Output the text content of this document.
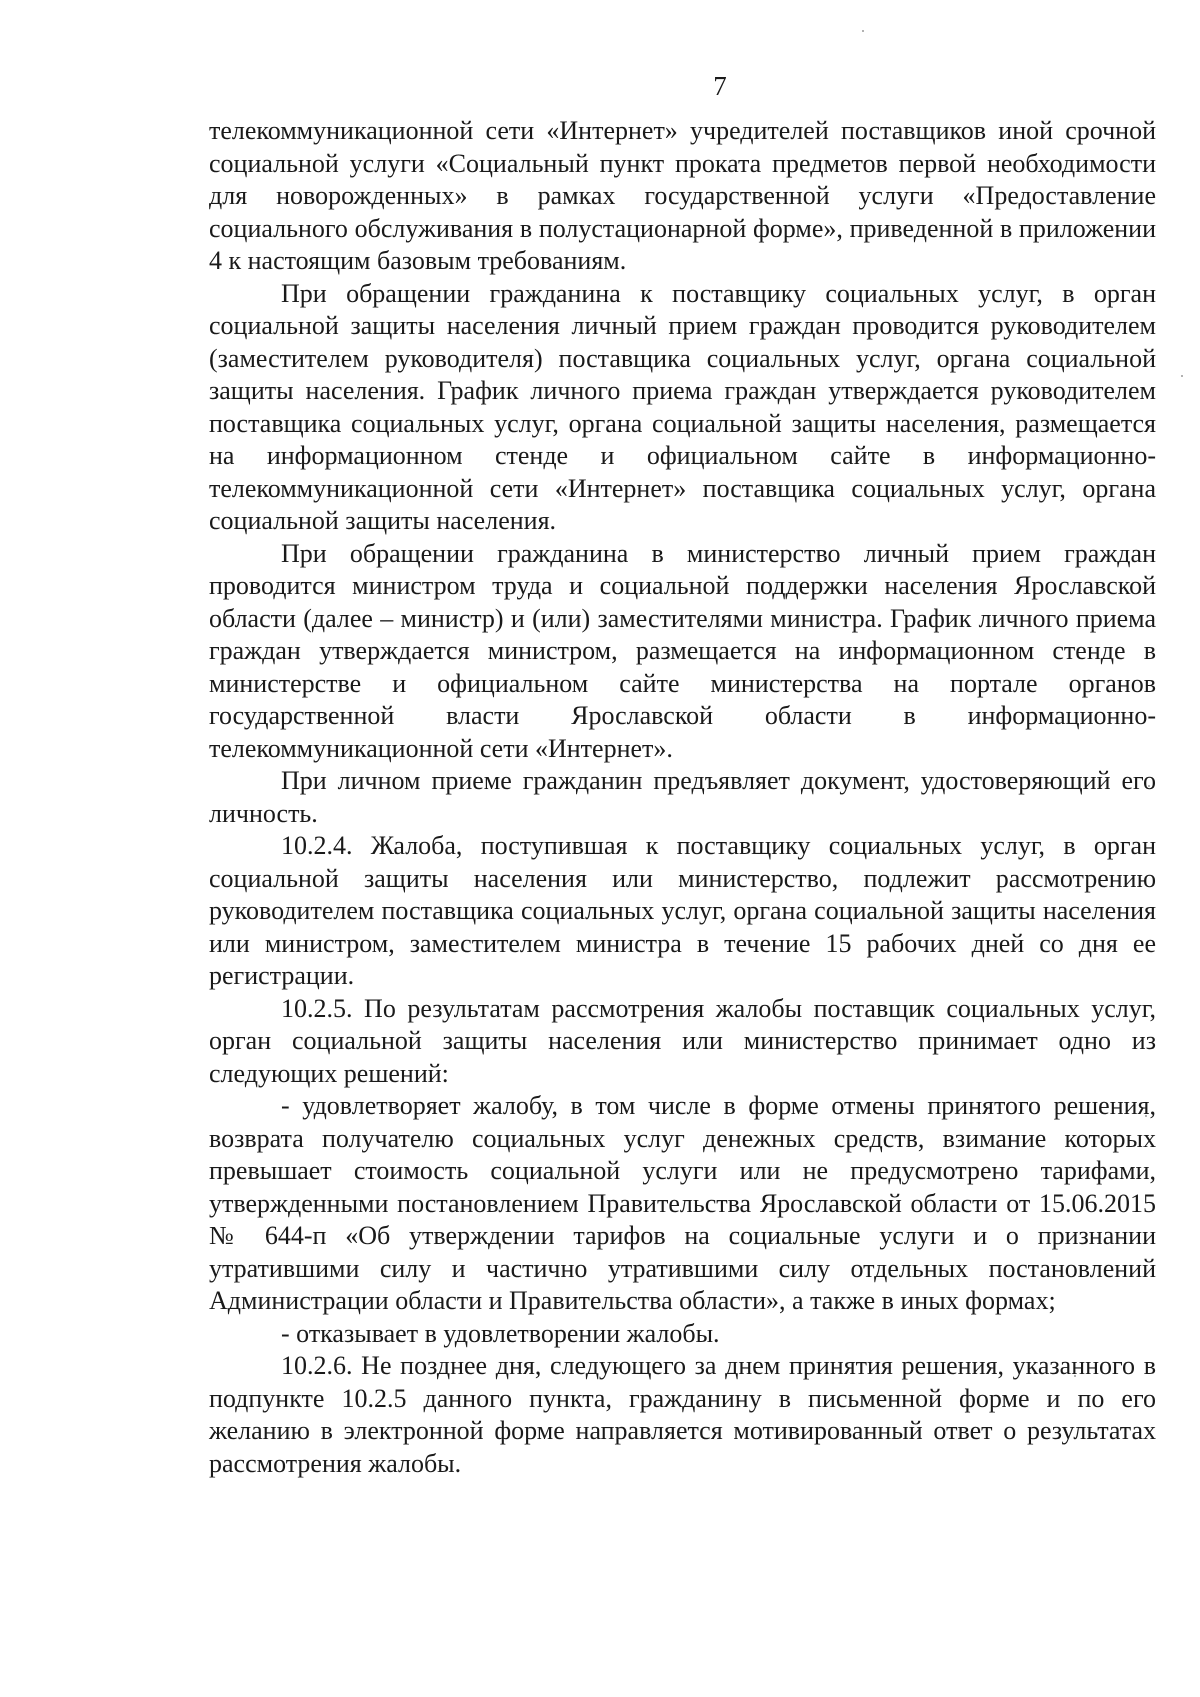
7

телекоммуникационной сети «Интернет» учредителей поставщиков иной срочной социальной услуги «Социальный пункт проката предметов первой необходимости для новорожденных» в рамках государственной услуги «Предоставление социального обслуживания в полустационарной форме», приведенной в приложении 4 к настоящим базовым требованиям.

При обращении гражданина к поставщику социальных услуг, в орган социальной защиты населения личный прием граждан проводится руководителем (заместителем руководителя) поставщика социальных услуг, органа социальной защиты населения. График личного приема граждан утверждается руководителем поставщика социальных услуг, органа социальной защиты населения, размещается на информационном стенде и официальном сайте в информационно-телекоммуникационной сети «Интернет» поставщика социальных услуг, органа социальной защиты населения.

При обращении гражданина в министерство личный прием граждан проводится министром труда и социальной поддержки населения Ярославской области (далее – министр) и (или) заместителями министра. График личного приема граждан утверждается министром, размещается на информационном стенде в министерстве и официальном сайте министерства на портале органов государственной власти Ярославской области в информационно-телекоммуникационной сети «Интернет».

При личном приеме гражданин предъявляет документ, удостоверяющий его личность.

10.2.4. Жалоба, поступившая к поставщику социальных услуг, в орган социальной защиты населения или министерство, подлежит рассмотрению руководителем поставщика социальных услуг, органа социальной защиты населения или министром, заместителем министра в течение 15 рабочих дней со дня ее регистрации.

10.2.5. По результатам рассмотрения жалобы поставщик социальных услуг, орган социальной защиты населения или министерство принимает одно из следующих решений:

- удовлетворяет жалобу, в том числе в форме отмены принятого решения, возврата получателю социальных услуг денежных средств, взимание которых превышает стоимость социальной услуги или не предусмотрено тарифами, утвержденными постановлением Правительства Ярославской области от 15.06.2015 № 644-п «Об утверждении тарифов на социальные услуги и о признании утратившими силу и частично утратившими силу отдельных постановлений Администрации области и Правительства области», а также в иных формах;

- отказывает в удовлетворении жалобы.

10.2.6. Не позднее дня, следующего за днем принятия решения, указанного в подпункте 10.2.5 данного пункта, гражданину в письменной форме и по его желанию в электронной форме направляется мотивированный ответ о результатах рассмотрения жалобы.
